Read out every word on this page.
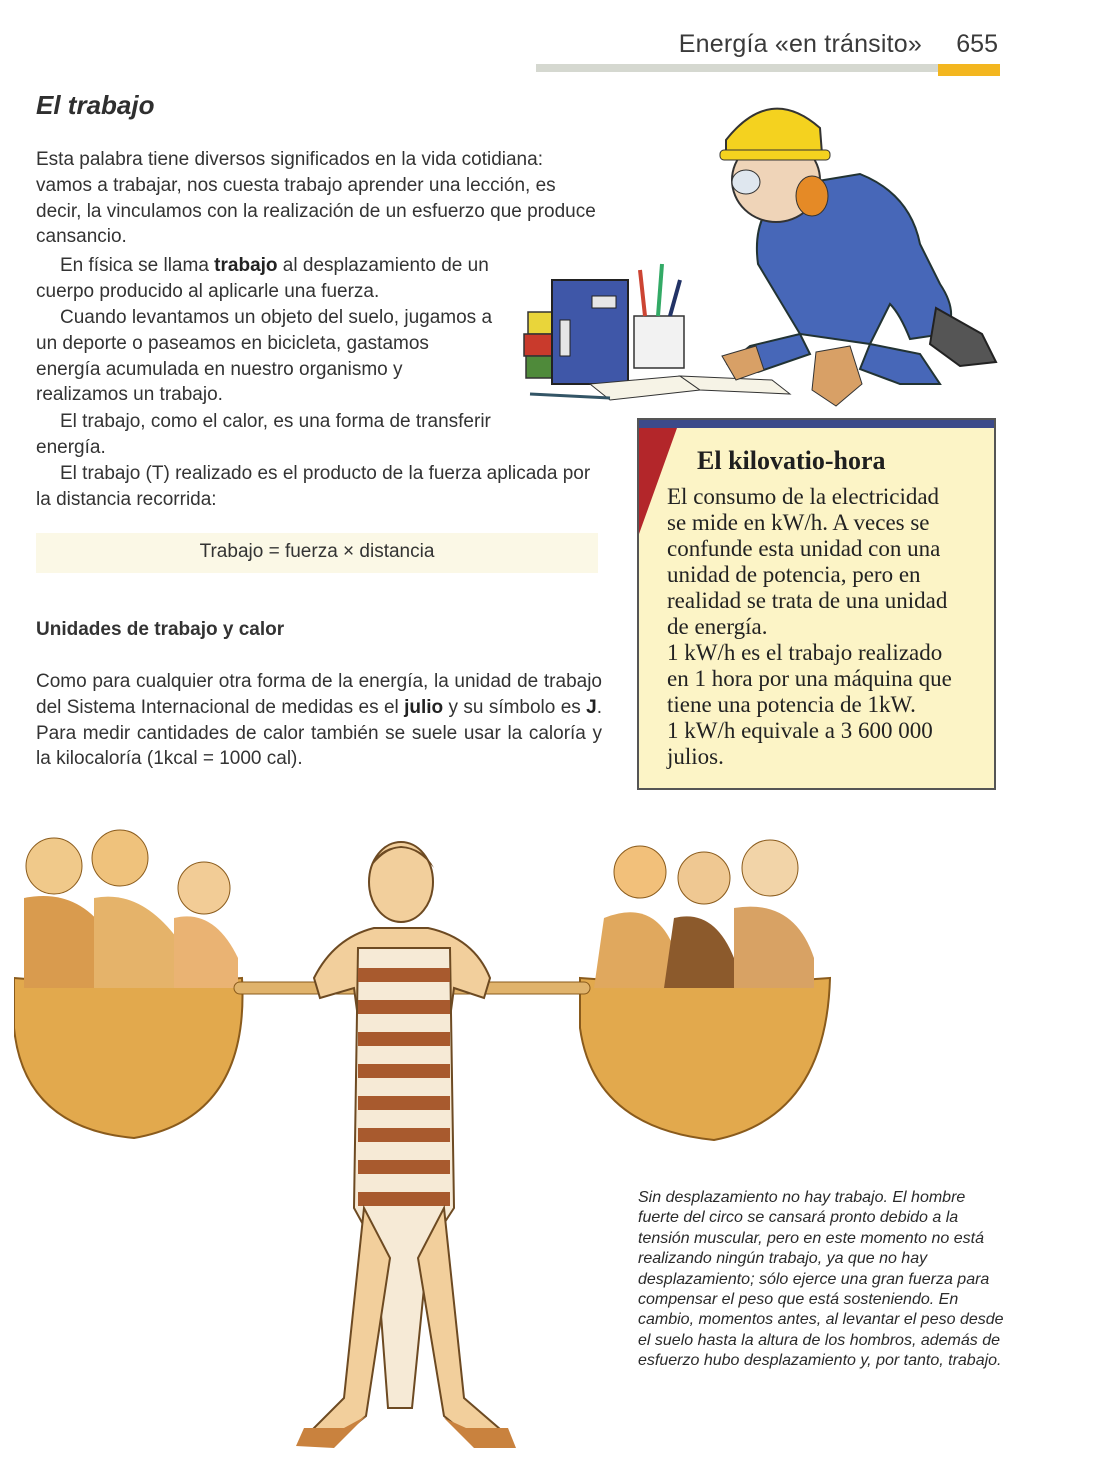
Energía «en tránsito» 655
El trabajo

Esta palabra tiene diversos significados en la vida cotidiana: vamos a trabajar, nos cuesta trabajo aprender una lección, es decir, la vinculamos con la realización de un esfuerzo que produce cansancio.

En física se llama trabajo al desplazamiento de un cuerpo producido al aplicarle una fuerza.

Cuando levantamos un objeto del suelo, jugamos a un deporte o paseamos en bicicleta, gastamos energía acumulada en nuestro organismo y realizamos un trabajo.

El trabajo, como el calor, es una forma de transferir energía.

El trabajo (T) realizado es el producto de la fuerza aplicada por la distancia recorrida:

Trabajo = fuerza × distancia
Unidades de trabajo y calor

Como para cualquier otra forma de la energía, la unidad de trabajo del Sistema Internacional de medidas es el julio y su símbolo es J. Para medir cantidades de calor también se suele usar la caloría y la kilocaloría (1kcal = 1000 cal).

El kilovatio-hora
El consumo de la electricidad
se mide en kW/h. A veces se
confunde esta unidad con una
unidad de potencia, pero en
realidad se trata de una unidad
de energía.
1 kW/h es el trabajo realizado
en 1 hora por una máquina que
tiene una potencia de 1kW.
1 kW/h equivale a 3 600 000
julios.

Sin desplazamiento no hay trabajo. El hombre fuerte del circo se cansará pronto debido a la tensión muscular, pero en este momento no está realizando ningún trabajo, ya que no hay desplazamiento; sólo ejerce una gran fuerza para compensar el peso que está sosteniendo. En cambio, momentos antes, al levantar el peso desde el suelo hasta la altura de los hombros, además de esfuerzo hubo desplazamiento y, por tanto, trabajo.
